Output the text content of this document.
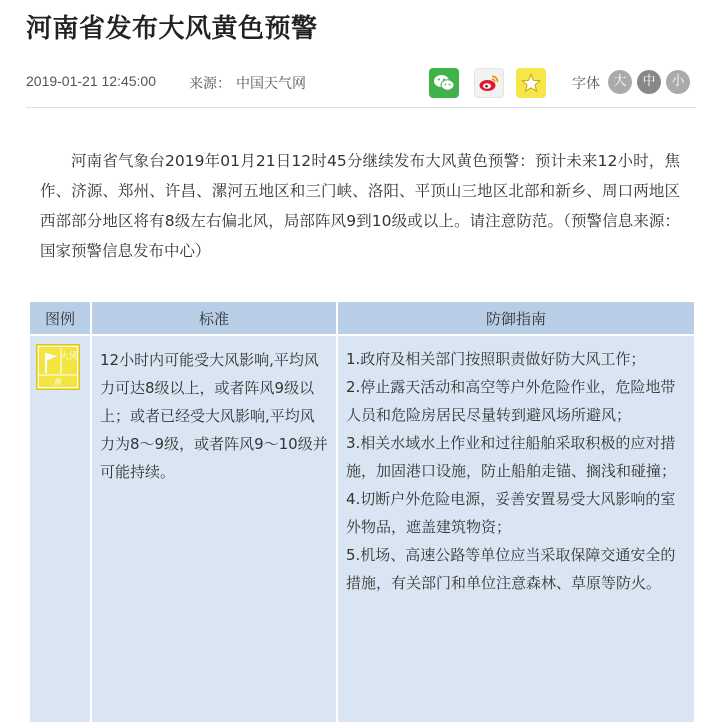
河南省发布大风黄色预警
2019-01-21 12:45:00 来源： 中国天气网	字体	大	中	小
河南省气象台2019年01月21日12时45分继续发布大风黄色预警：预计未来12小时，焦作、济源、郑州、许昌、漯河五地区和三门峡、洛阳、平顶山三地区北部和新乡、周口两地区西部部分地区将有8级左右偏北风，局部阵风9到10级或以上。请注意防范。（预警信息来源：国家预警信息发布中心）
图例	标准	防御指南

大风
黄	12小时内可能受大风影响,平均风力可达8级以上，或者阵风9级以上；或者已经受大风影响,平均风力为8～9级，或者阵风9～10级并可能持续。	1.政府及相关部门按照职责做好防大风工作；
2.停止露天活动和高空等户外危险作业，危险地带人员和危险房居民尽量转到避风场所避风；
3.相关水域水上作业和过往船舶采取积极的应对措施，加固港口设施，防止船舶走锚、搁浅和碰撞；
4.切断户外危险电源，妥善安置易受大风影响的室外物品，遮盖建筑物资；
5.机场、高速公路等单位应当采取保障交通安全的措施，有关部门和单位注意森林、草原等防火。
